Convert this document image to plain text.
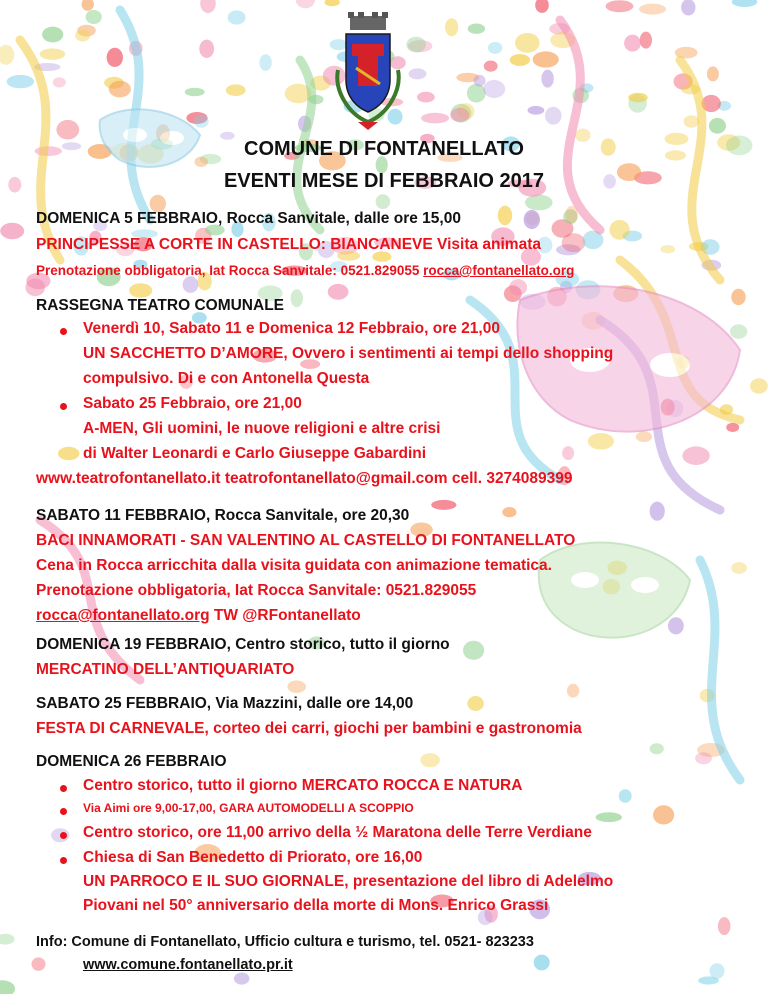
COMUNE DI FONTANELLATO
EVENTI MESE DI FEBBRAIO 2017
DOMENICA 5 FEBBRAIO, Rocca Sanvitale, dalle ore 15,00
PRINCIPESSE A CORTE IN CASTELLO: BIANCANEVE Visita animata
Prenotazione obbligatoria, Iat Rocca Sanvitale: 0521.829055 rocca@fontanellato.org
RASSEGNA TEATRO COMUNALE
Venerdì 10, Sabato 11 e Domenica 12 Febbraio, ore 21,00
UN SACCHETTO D’AMORE, Ovvero i sentimenti ai tempi dello shopping
compulsivo. Di e con Antonella Questa
Sabato 25 Febbraio, ore 21,00
A-MEN, Gli uomini, le nuove religioni e altre crisi
di Walter Leonardi e Carlo Giuseppe Gabardini
www.teatrofontanellato.it teatrofontanellato@gmail.com cell. 3274089399
SABATO 11 FEBBRAIO, Rocca Sanvitale, ore 20,30
BACI INNAMORATI - SAN VALENTINO AL CASTELLO DI FONTANELLATO
Cena in Rocca arricchita dalla visita guidata con animazione tematica.
Prenotazione obbligatoria, Iat Rocca Sanvitale: 0521.829055
rocca@fontanellato.org TW @RFontanellato
DOMENICA 19 FEBBRAIO, Centro storico, tutto il giorno
MERCATINO DELL’ANTIQUARIATO
SABATO 25 FEBBRAIO, Via Mazzini, dalle ore 14,00
FESTA DI CARNEVALE, corteo dei carri, giochi per bambini e gastronomia
DOMENICA 26 FEBBRAIO
Centro storico, tutto il giorno MERCATO ROCCA E NATURA
Via Aimi ore 9,00-17,00, GARA AUTOMODELLI A SCOPPIO
Centro storico, ore 11,00 arrivo della ½ Maratona delle Terre Verdiane
Chiesa di San Benedetto di Priorato, ore 16,00
UN PARROCO E IL SUO GIORNALE, presentazione del libro di Adelelmo
Piovani nel 50° anniversario della morte di Mons. Enrico Grassi
Info: Comune di Fontanellato, Ufficio cultura e turismo, tel. 0521- 823233
www.comune.fontanellato.pr.it
